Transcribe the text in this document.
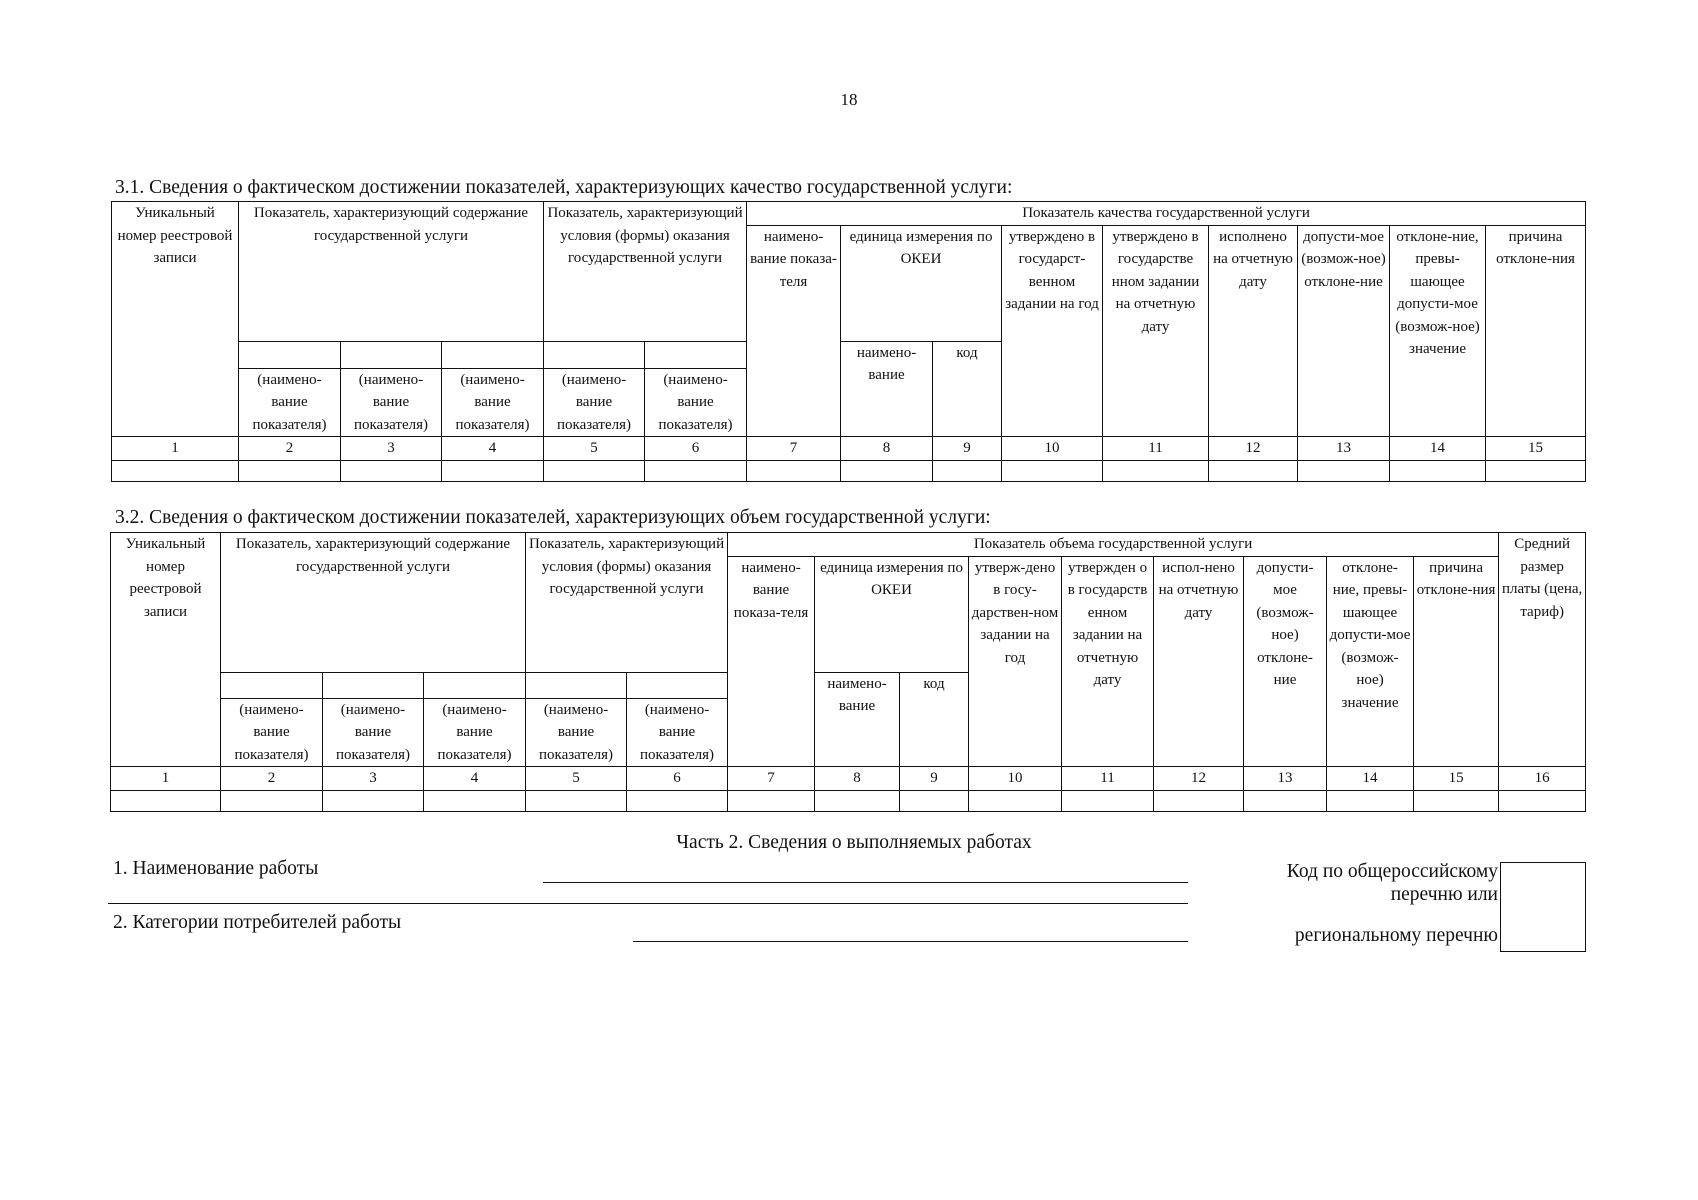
18
3.1. Сведения о фактическом достижении показателей, характеризующих качество государственной услуги:
Уникальный номер реестровой записи	Показатель, характеризующий содержание государственной услуги			Показатель, характеризующий условия (формы) оказания государственной услуги		Показатель качества государственной услуги								
						наимено-вание показа-теля	единица измерения по ОКЕИ		утверждено в государст-венном задании на год	утверждено в государстве нном задании на отчетную дату	исполнено на отчетную дату	допусти-мое (возмож-ное) отклоне-ние	отклоне-ние, превы-шающее допусти-мое (возмож-ное) значение	причина отклоне-ния
							наимено-вание	код						
	(наимено-вание показателя)	(наимено-вание показателя)	(наимено-вание показателя)	(наимено-вание показателя)	(наимено-вание показателя)									
1	2	3	4	5	6	7	8	9	10	11	12	13	14	15

3.2. Сведения о фактическом достижении показателей, характеризующих объем государственной услуги:
Уникальный номер реестровой записи	Показатель, характеризующий содержание государственной услуги			Показатель, характеризующий условия (формы) оказания государственной услуги		Показатель объема государственной услуги									Средний размер платы (цена, тариф)
						наимено-вание показа-теля	единица измерения по ОКЕИ		утверж-дено в госу-дарствен-ном задании на год	утвержден о в государств енном задании на отчетную дату	испол-нено на отчетную дату	допусти-мое (возмож-ное) отклоне-ние	отклоне-ние, превы-шающее допусти-мое (возмож-ное) значение	причина отклоне-ния	
							наимено-вание	код							
	(наимено-вание показателя)	(наимено-вание показателя)	(наимено-вание показателя)	(наимено-вание показателя)	(наимено-вание показателя)										
1	2	3	4	5	6	7	8	9	10	11	12	13	14	15	16

Часть 2. Сведения о выполняемых работах
1. Наименование работы
2. Категории потребителей работы
Код по общероссийскому
перечню или
региональному перечню
